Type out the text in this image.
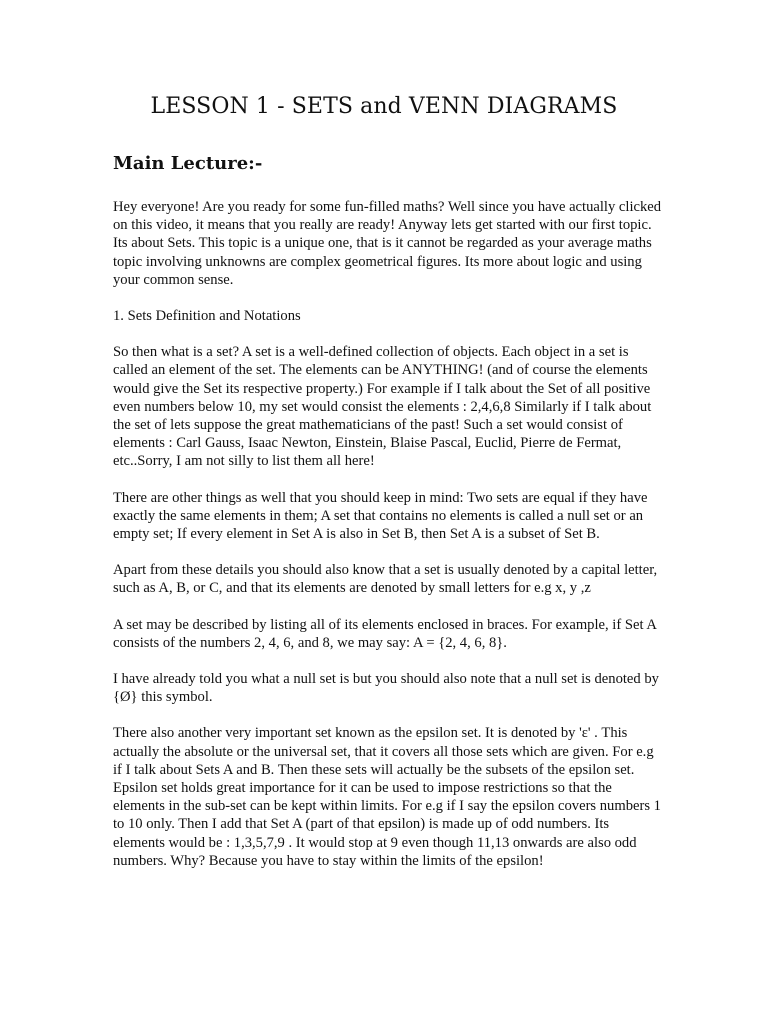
LESSON 1 - SETS and VENN DIAGRAMS
Main Lecture:-

Hey everyone! Are you ready for some fun-filled maths? Well since you have actually clicked on this video, it means that you really are ready! Anyway lets get started with our first topic. Its about Sets. This topic is a unique one, that is it cannot be regarded as your average maths topic involving unknowns are complex geometrical figures. Its more about logic and using your common sense.

1. Sets Definition and Notations

So then what is a set? A set is a well-defined collection of objects. Each object in a set is called an element of the set. The elements can be ANYTHING! (and of course the elements would give the Set its respective property.) For example if I talk about the Set of all positive even numbers below 10, my set would consist the elements : 2,4,6,8 Similarly if I talk about the set of lets suppose the great mathematicians of the past! Such a set would consist of elements : Carl Gauss, Isaac Newton, Einstein, Blaise Pascal, Euclid, Pierre de Fermat, etc..Sorry, I am not silly to list them all here!

There are other things as well that you should keep in mind: Two sets are equal if they have exactly the same elements in them; A set that contains no elements is called a null set or an empty set; If every element in Set A is also in Set B, then Set A is a subset of Set B.

Apart from these details you should also know that a set is usually denoted by a capital letter, such as A, B, or C, and that its elements are denoted by small letters for e.g x, y ,z

A set may be described by listing all of its elements enclosed in braces. For example, if Set A consists of the numbers 2, 4, 6, and 8, we may say: A = {2, 4, 6, 8}.

I have already told you what a null set is but you should also note that a null set is denoted by {Ø} this symbol.

There also another very important set known as the epsilon set. It is denoted by 'ε' . This actually the absolute or the universal set, that it covers all those sets which are given. For e.g if I talk about Sets A and B. Then these sets will actually be the subsets of the epsilon set. Epsilon set holds great importance for it can be used to impose restrictions so that the elements in the sub-set can be kept within limits. For e.g if I say the epsilon covers numbers 1 to 10 only. Then I add that Set A (part of that epsilon) is made up of odd numbers. Its elements would be : 1,3,5,7,9 . It would stop at 9 even though 11,13 onwards are also odd numbers. Why? Because you have to stay within the limits of the epsilon!
